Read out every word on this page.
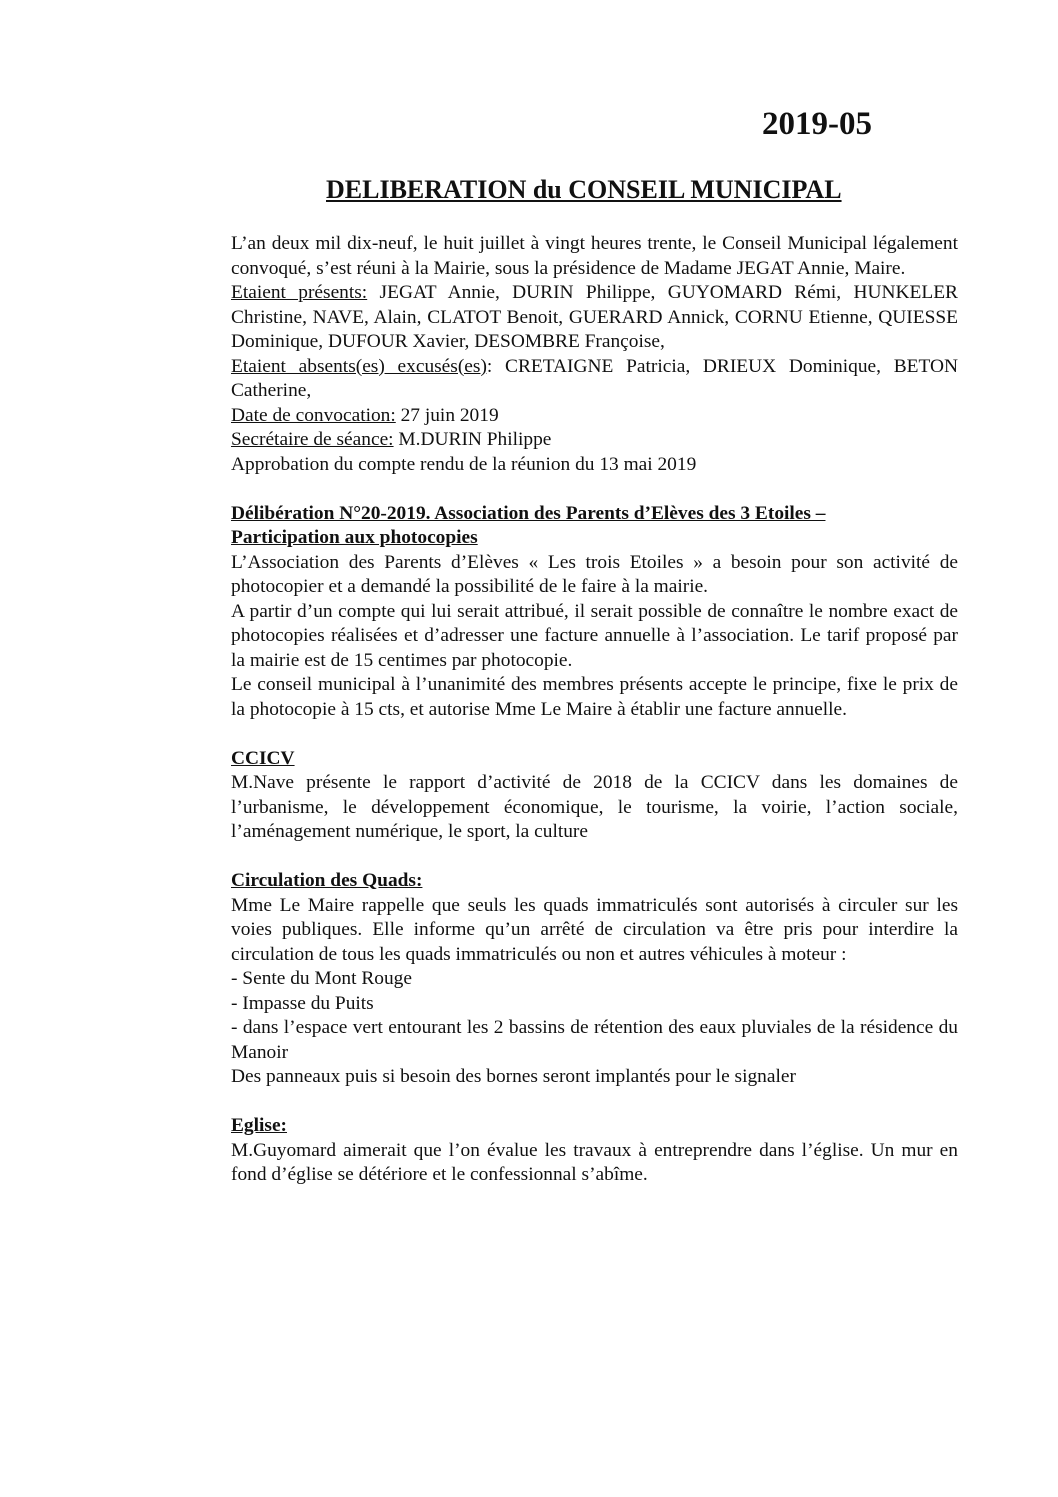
2019-05
DELIBERATION du CONSEIL MUNICIPAL

L’an deux mil dix-neuf, le huit juillet à vingt heures trente, le Conseil Municipal légalement convoqué, s’est réuni à la Mairie, sous la présidence de Madame JEGAT Annie, Maire.

Etaient présents: JEGAT Annie, DURIN Philippe, GUYOMARD Rémi, HUNKELER Christine, NAVE, Alain, CLATOT Benoit, GUERARD Annick, CORNU Etienne, QUIESSE Dominique, DUFOUR Xavier, DESOMBRE Françoise,

Etaient absents(es) excusés(es): CRETAIGNE Patricia, DRIEUX Dominique, BETON Catherine,

Date de convocation: 27 juin 2019

Secrétaire de séance: M.DURIN Philippe

Approbation du compte rendu de la réunion du 13 mai 2019

Délibération N°20-2019. Association des Parents d’Elèves des 3 Etoiles –

Participation aux photocopies

L’Association des Parents d’Elèves « Les trois Etoiles » a besoin pour son activité de photocopier et a demandé la possibilité de le faire à la mairie.

A partir d’un compte qui lui serait attribué, il serait possible de connaître le nombre exact de photocopies réalisées et d’adresser une facture annuelle à l’association. Le tarif proposé par la mairie est de 15 centimes par photocopie.

Le conseil municipal à l’unanimité des membres présents accepte le principe, fixe le prix de la photocopie à 15 cts, et autorise Mme Le Maire à établir une facture annuelle.

CCICV

M.Nave présente le rapport d’activité de 2018 de la CCICV dans les domaines de l’urbanisme, le développement économique, le tourisme, la voirie, l’action sociale, l’aménagement numérique, le sport, la culture

Circulation des Quads:

Mme Le Maire rappelle que seuls les quads immatriculés sont autorisés à circuler sur les voies publiques. Elle informe qu’un arrêté de circulation va être pris pour interdire la circulation de tous les quads immatriculés ou non et autres véhicules à moteur :

- Sente du Mont Rouge

- Impasse du Puits

- dans l’espace vert entourant les 2 bassins de rétention des eaux pluviales de la résidence du Manoir

Des panneaux puis si besoin des bornes seront implantés pour le signaler

Eglise:

M.Guyomard aimerait que l’on évalue les travaux à entreprendre dans l’église. Un mur en fond d’église se détériore et le confessionnal s’abîme.
